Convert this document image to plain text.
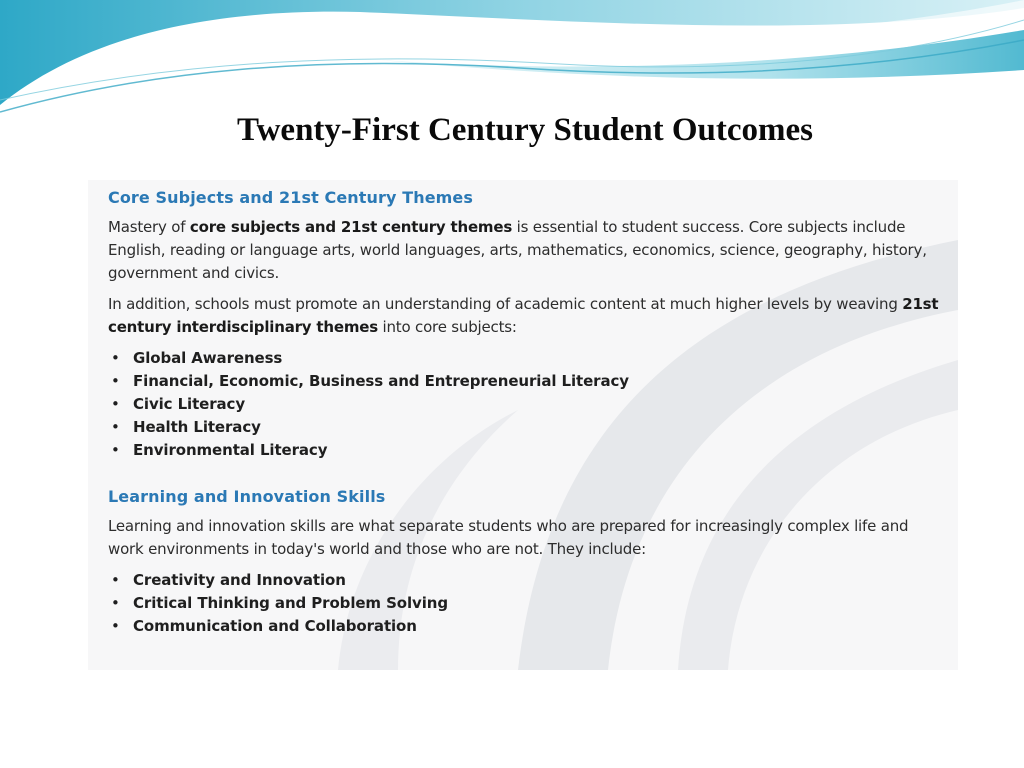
Twenty-First Century Student Outcomes
Core Subjects and 21st Century Themes

Mastery of core subjects and 21st century themes is essential to student success. Core subjects include English, reading or language arts, world languages, arts, mathematics, economics, science, geography, history, government and civics.

In addition, schools must promote an understanding of academic content at much higher levels by weaving 21st century interdisciplinary themes into core subjects:

• Global Awareness
• Financial, Economic, Business and Entrepreneurial Literacy
• Civic Literacy
• Health Literacy
• Environmental Literacy
Learning and Innovation Skills

Learning and innovation skills are what separate students who are prepared for increasingly complex life and work environments in today's world and those who are not. They include:

• Creativity and Innovation
• Critical Thinking and Problem Solving
• Communication and Collaboration
